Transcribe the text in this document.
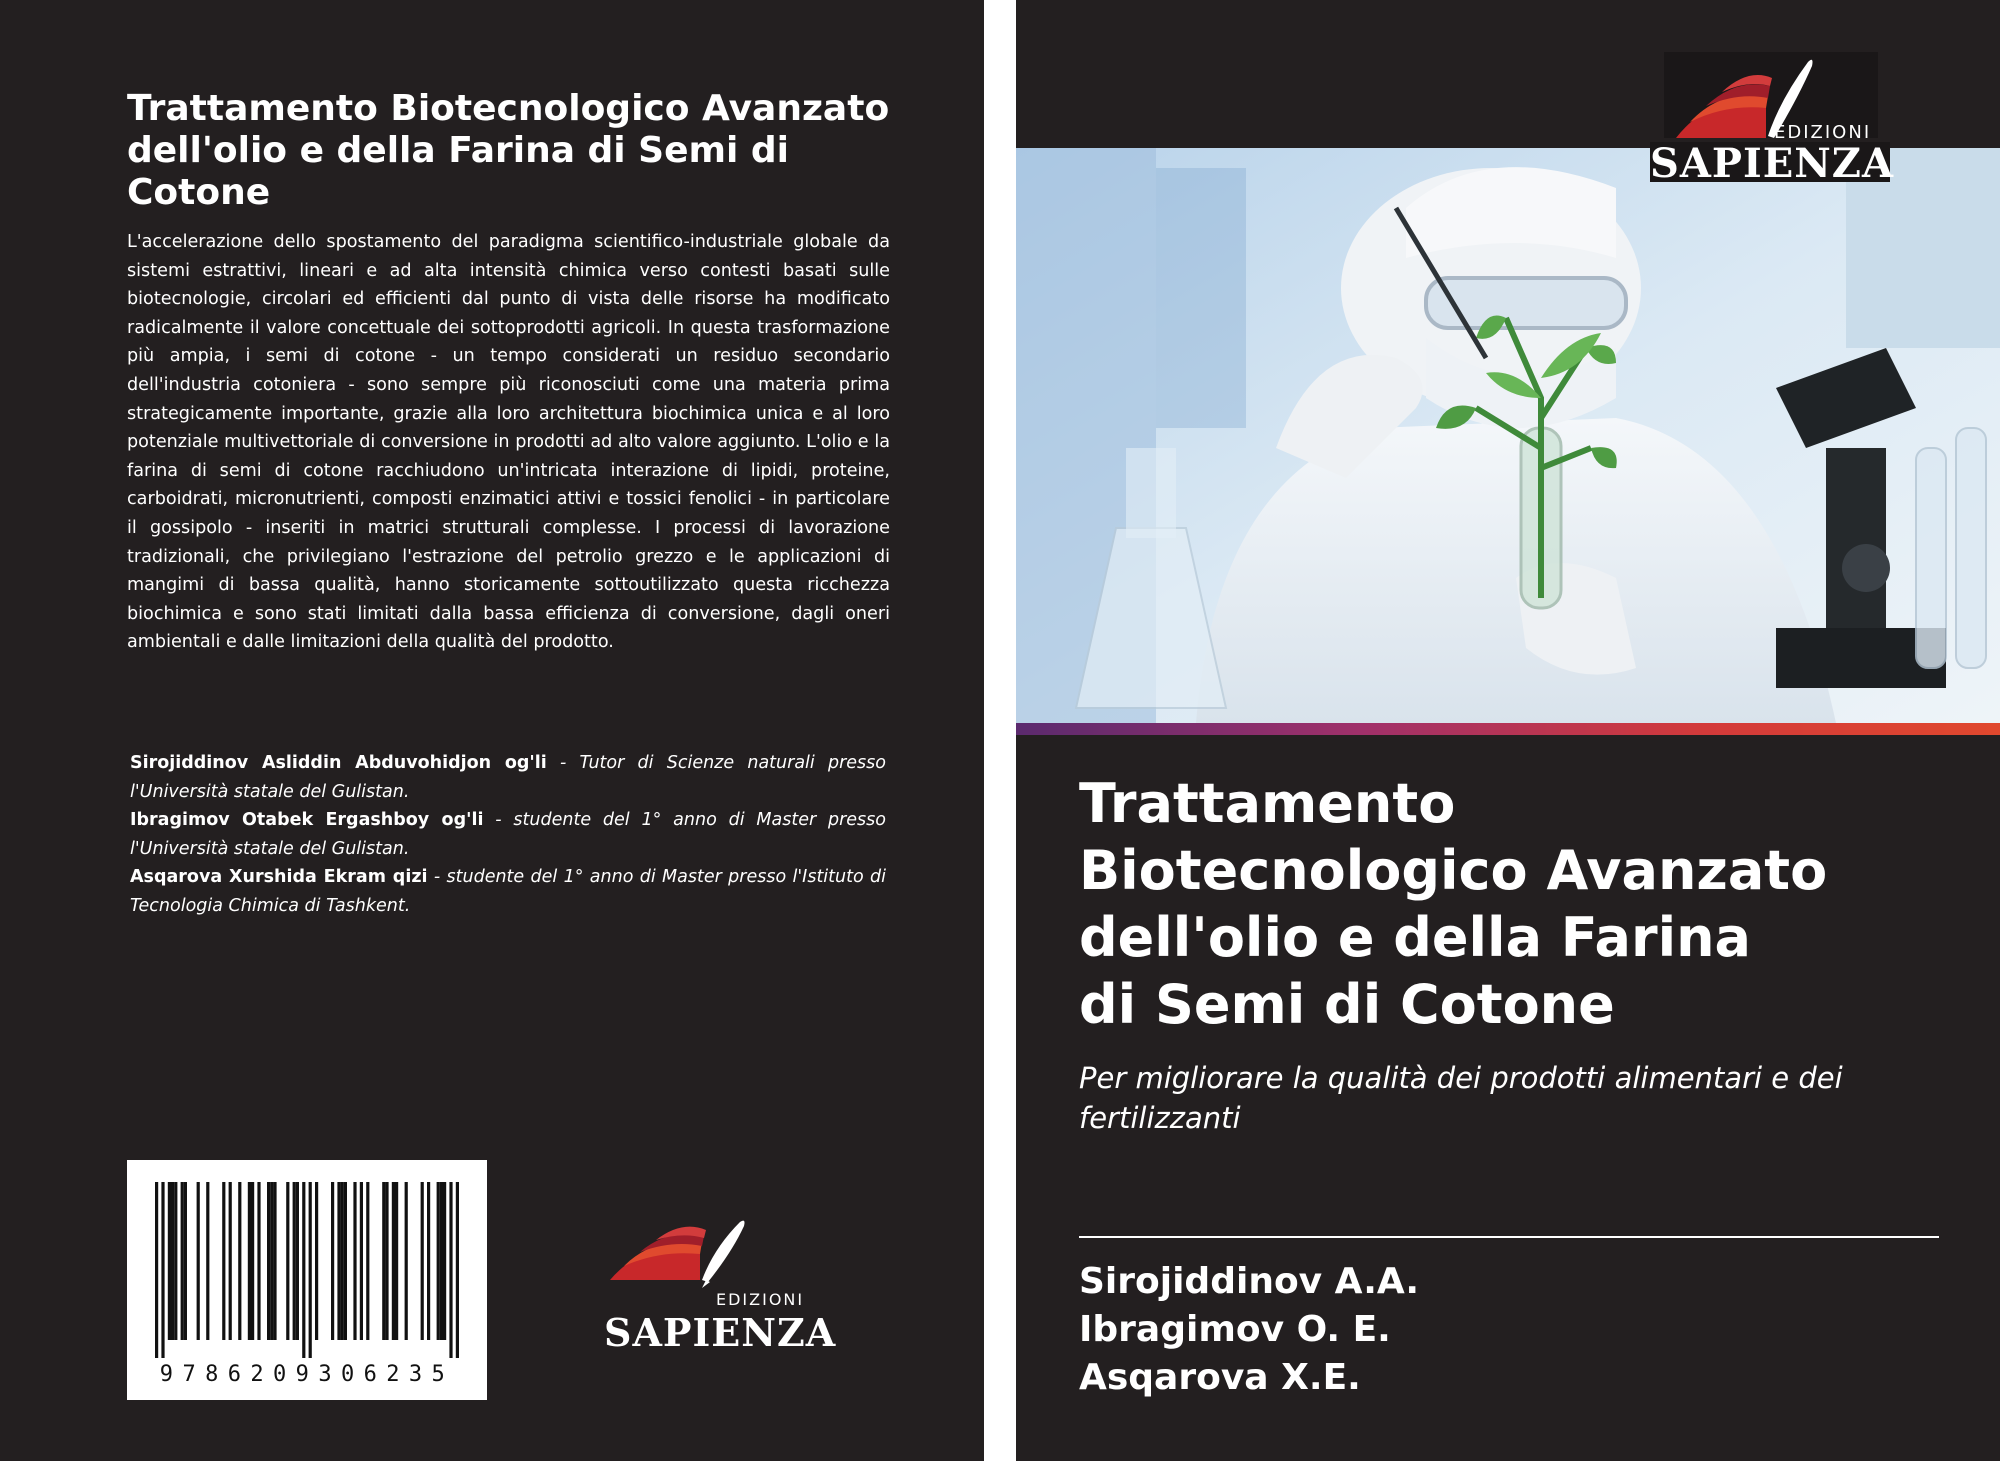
Trattamento Biotecnologico Avanzato dell'olio e della Farina di Semi di Cotone

L'accelerazione dello spostamento del paradigma scientifico-industriale globale da sistemi estrattivi, lineari e ad alta intensità chimica verso contesti basati sulle biotecnologie, circolari ed efficienti dal punto di vista delle risorse ha modificato radicalmente il valore concettuale dei sottoprodotti agricoli. In questa trasformazione più ampia, i semi di cotone - un tempo considerati un residuo secondario dell'industria cotoniera - sono sempre più riconosciuti come una materia prima strategicamente importante, grazie alla loro architettura biochimica unica e al loro potenziale multivettoriale di conversione in prodotti ad alto valore aggiunto. L'olio e la farina di semi di cotone racchiudono un'intricata interazione di lipidi, proteine, carboidrati, micronutrienti, composti enzimatici attivi e tossici fenolici - in particolare il gossipolo - inseriti in matrici strutturali complesse. I processi di lavorazione tradizionali, che privilegiano l'estrazione del petrolio grezzo e le applicazioni di mangimi di bassa qualità, hanno storicamente sottoutilizzato questa ricchezza biochimica e sono stati limitati dalla bassa efficienza di conversione, dagli oneri ambientali e dalle limitazioni della qualità del prodotto.

Sirojiddinov Asliddin Abduvohidjon og'li - Tutor di Scienze naturali presso l'Università statale del Gulistan.

Ibragimov Otabek Ergashboy og'li - studente del 1° anno di Master presso l'Università statale del Gulistan.

Asqarova Xurshida Ekram qizi - studente del 1° anno di Master presso l'Istituto di Tecnologia Chimica di Tashkent.

9786209306235
EDIZIONI
SAPIENZA
EDIZIONI
SAPIENZA
Trattamento
Biotecnologico Avanzato
dell'olio e della Farina
di Semi di Cotone

Per migliorare la qualità dei prodotti alimentari e dei fertilizzanti

Sirojiddinov A.A.
Ibragimov O. E.
Asqarova X.E.
